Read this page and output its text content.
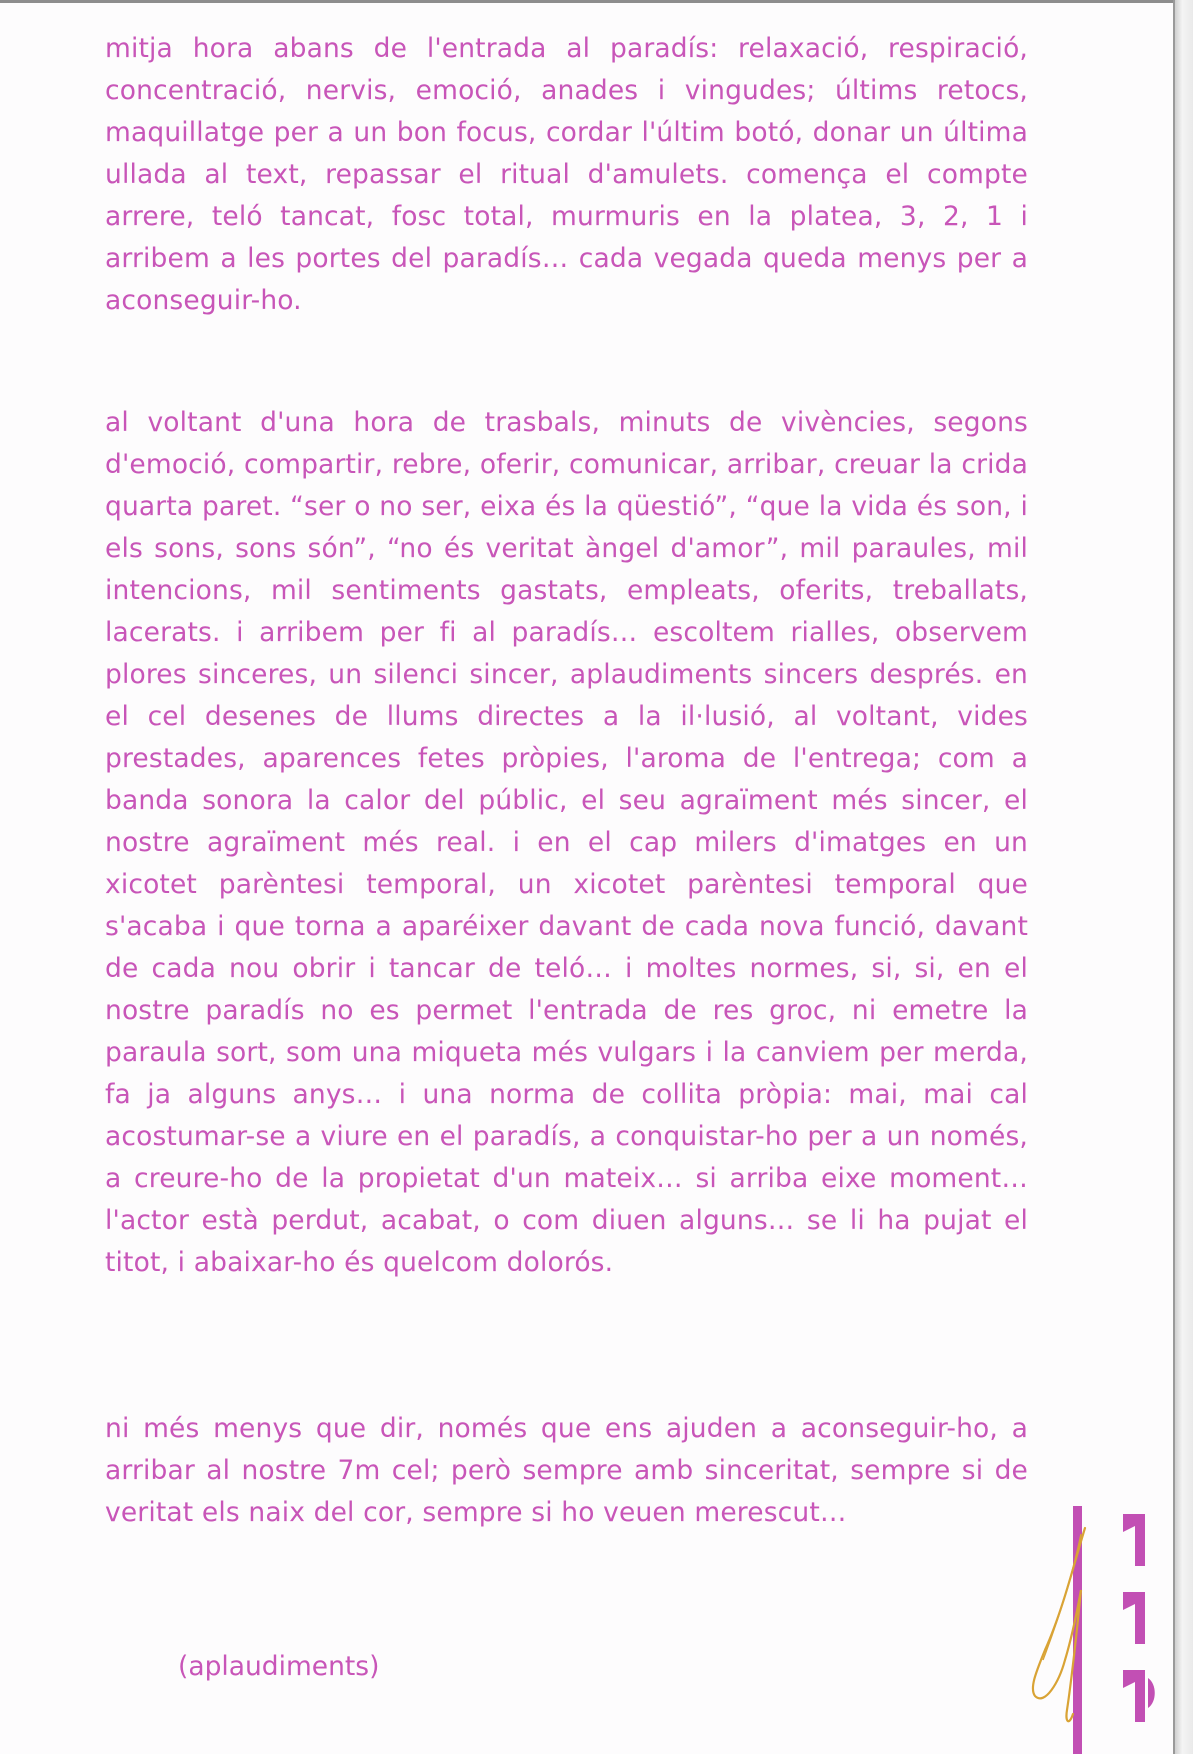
mitja hora abans de l'entrada al paradís: relaxació, respiració, concentració, nervis, emoció, anades i vingudes; últims retocs, maquillatge per a un bon focus, cordar l'últim botó, donar un última ullada al text, repassar el ritual d'amulets. comença el compte arrere, teló tancat, fosc total, murmuris en la platea, 3, 2, 1 i arribem a les portes del paradís… cada vegada queda menys per a aconseguir-ho.

al voltant d'una hora de trasbals, minuts de vivències, segons d'emoció, compartir, rebre, oferir, comunicar, arribar, creuar la crida quarta paret. “ser o no ser, eixa és la qüestió”, “que la vida és son, i els sons, sons són”, “no és veritat àngel d'amor”, mil paraules, mil intencions, mil sentiments gastats, empleats, oferits, treballats, lacerats. i arribem per fi al paradís… escoltem rialles, observem plores sinceres, un silenci sincer, aplaudiments sincers després. en el cel desenes de llums directes a la il·lusió, al voltant, vides prestades, aparences fetes pròpies, l'aroma de l'entrega; com a banda sonora la calor del públic, el seu agraïment més sincer, el nostre agraïment més real. i en el cap milers d'imatges en un xicotet parèntesi temporal, un xicotet parèntesi temporal que s'acaba i que torna a aparéixer davant de cada nova funció, davant de cada nou obrir i tancar de teló… i moltes normes, si, si, en el nostre paradís no es permet l'entrada de res groc, ni emetre la paraula sort, som una miqueta més vulgars i la canviem per merda, fa ja alguns anys… i una norma de collita pròpia: mai, mai cal acostumar-se a viure en el paradís, a conquistar-ho per a un només, a creure-ho de la propietat d'un mateix… si arriba eixe moment… l'actor està perdut, acabat, o com diuen alguns… se li ha pujat el titot, i abaixar-ho és quelcom dolorós.

ni més menys que dir, només que ens ajuden a aconseguir-ho, a arribar al nostre 7m cel; però sempre amb sinceritat, sempre si de veritat els naix del cor, sempre si ho veuen merescut…

(aplaudiments)
